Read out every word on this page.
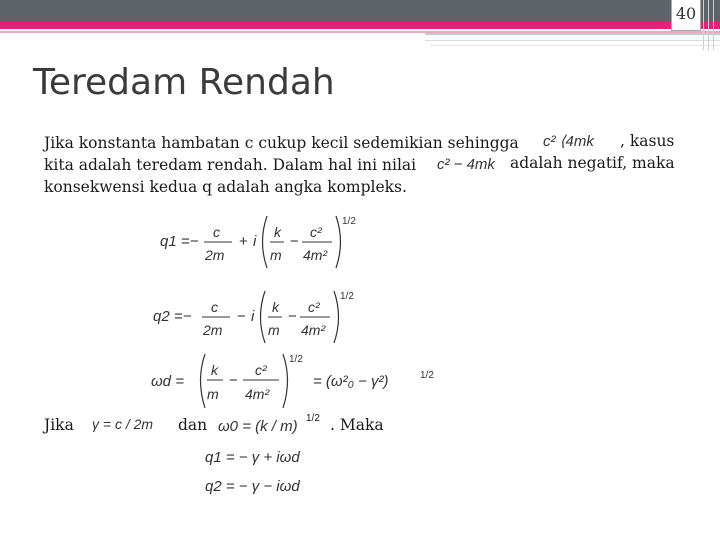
40
Teredam Rendah
Jika konstanta hambatan c cukup kecil sedemikian sehingga	c² ⟨4mk , kasus
kita adalah teredam rendah. Dalam hal ini nilai	c² − 4mk adalah negatif, maka
konsekwensi kedua q adalah angka kompleks.
q1 = −
c
2m
+ i
k
m
−
c²
4m²
1/2
q2 = −
c
2m
− i
k
m
−
c²
4m²
1/2
ωd =
k
m
−
c²
4m²
1/2
= (ω²₀ − γ²)	1/2
Jika γ = c / 2m dan ω0 = (k / m) 1/2 . Maka
q1 = − γ + iωd
q2 = − γ − iωd
